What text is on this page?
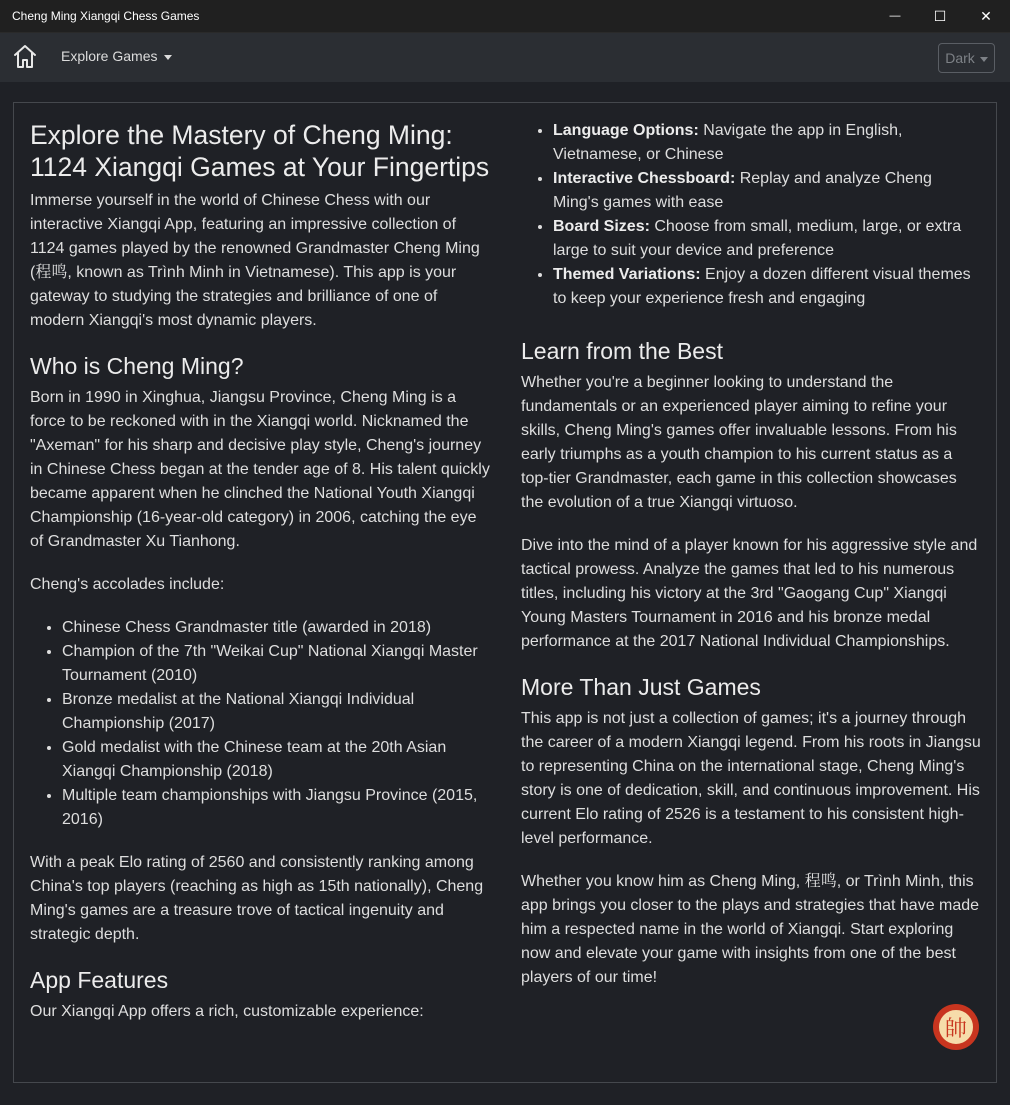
Cheng Ming Xiangqi Chess Games	— ☐ ✕
Explore Games	Dark
Explore the Mastery of Cheng Ming: 1124 Xiangqi Games at Your Fingertips

Immerse yourself in the world of Chinese Chess with our interactive Xiangqi App, featuring an impressive collection of 1124 games played by the renowned Grandmaster Cheng Ming (程鸣, known as Trình Minh in Vietnamese). This app is your gateway to studying the strategies and brilliance of one of modern Xiangqi's most dynamic players.

Who is Cheng Ming?

Born in 1990 in Xinghua, Jiangsu Province, Cheng Ming is a force to be reckoned with in the Xiangqi world. Nicknamed the "Axeman" for his sharp and decisive play style, Cheng's journey in Chinese Chess began at the tender age of 8. His talent quickly became apparent when he clinched the National Youth Xiangqi Championship (16-year-old category) in 2006, catching the eye of Grandmaster Xu Tianhong.

Cheng's accolades include:

• Chinese Chess Grandmaster title (awarded in 2018)
• Champion of the 7th "Weikai Cup" National Xiangqi Master Tournament (2010)
• Bronze medalist at the National Xiangqi Individual Championship (2017)
• Gold medalist with the Chinese team at the 20th Asian Xiangqi Championship (2018)
• Multiple team championships with Jiangsu Province (2015, 2016)

With a peak Elo rating of 2560 and consistently ranking among China's top players (reaching as high as 15th nationally), Cheng Ming's games are a treasure trove of tactical ingenuity and strategic depth.

App Features

Our Xiangqi App offers a rich, customizable experience:

• Language Options: Navigate the app in English, Vietnamese, or Chinese
• Interactive Chessboard: Replay and analyze Cheng Ming's games with ease
• Board Sizes: Choose from small, medium, large, or extra large to suit your device and preference
• Themed Variations: Enjoy a dozen different visual themes to keep your experience fresh and engaging
Learn from the Best

Whether you're a beginner looking to understand the fundamentals or an experienced player aiming to refine your skills, Cheng Ming's games offer invaluable lessons. From his early triumphs as a youth champion to his current status as a top-tier Grandmaster, each game in this collection showcases the evolution of a true Xiangqi virtuoso.

Dive into the mind of a player known for his aggressive style and tactical prowess. Analyze the games that led to his numerous titles, including his victory at the 3rd "Gaogang Cup" Xiangqi Young Masters Tournament in 2016 and his bronze medal performance at the 2017 National Individual Championships.

More Than Just Games

This app is not just a collection of games; it's a journey through the career of a modern Xiangqi legend. From his roots in Jiangsu to representing China on the international stage, Cheng Ming's story is one of dedication, skill, and continuous improvement. His current Elo rating of 2526 is a testament to his consistent high-level performance.

Whether you know him as Cheng Ming, 程鸣, or Trình Minh, this app brings you closer to the plays and strategies that have made him a respected name in the world of Xiangqi. Start exploring now and elevate your game with insights from one of the best players of our time!

帥
